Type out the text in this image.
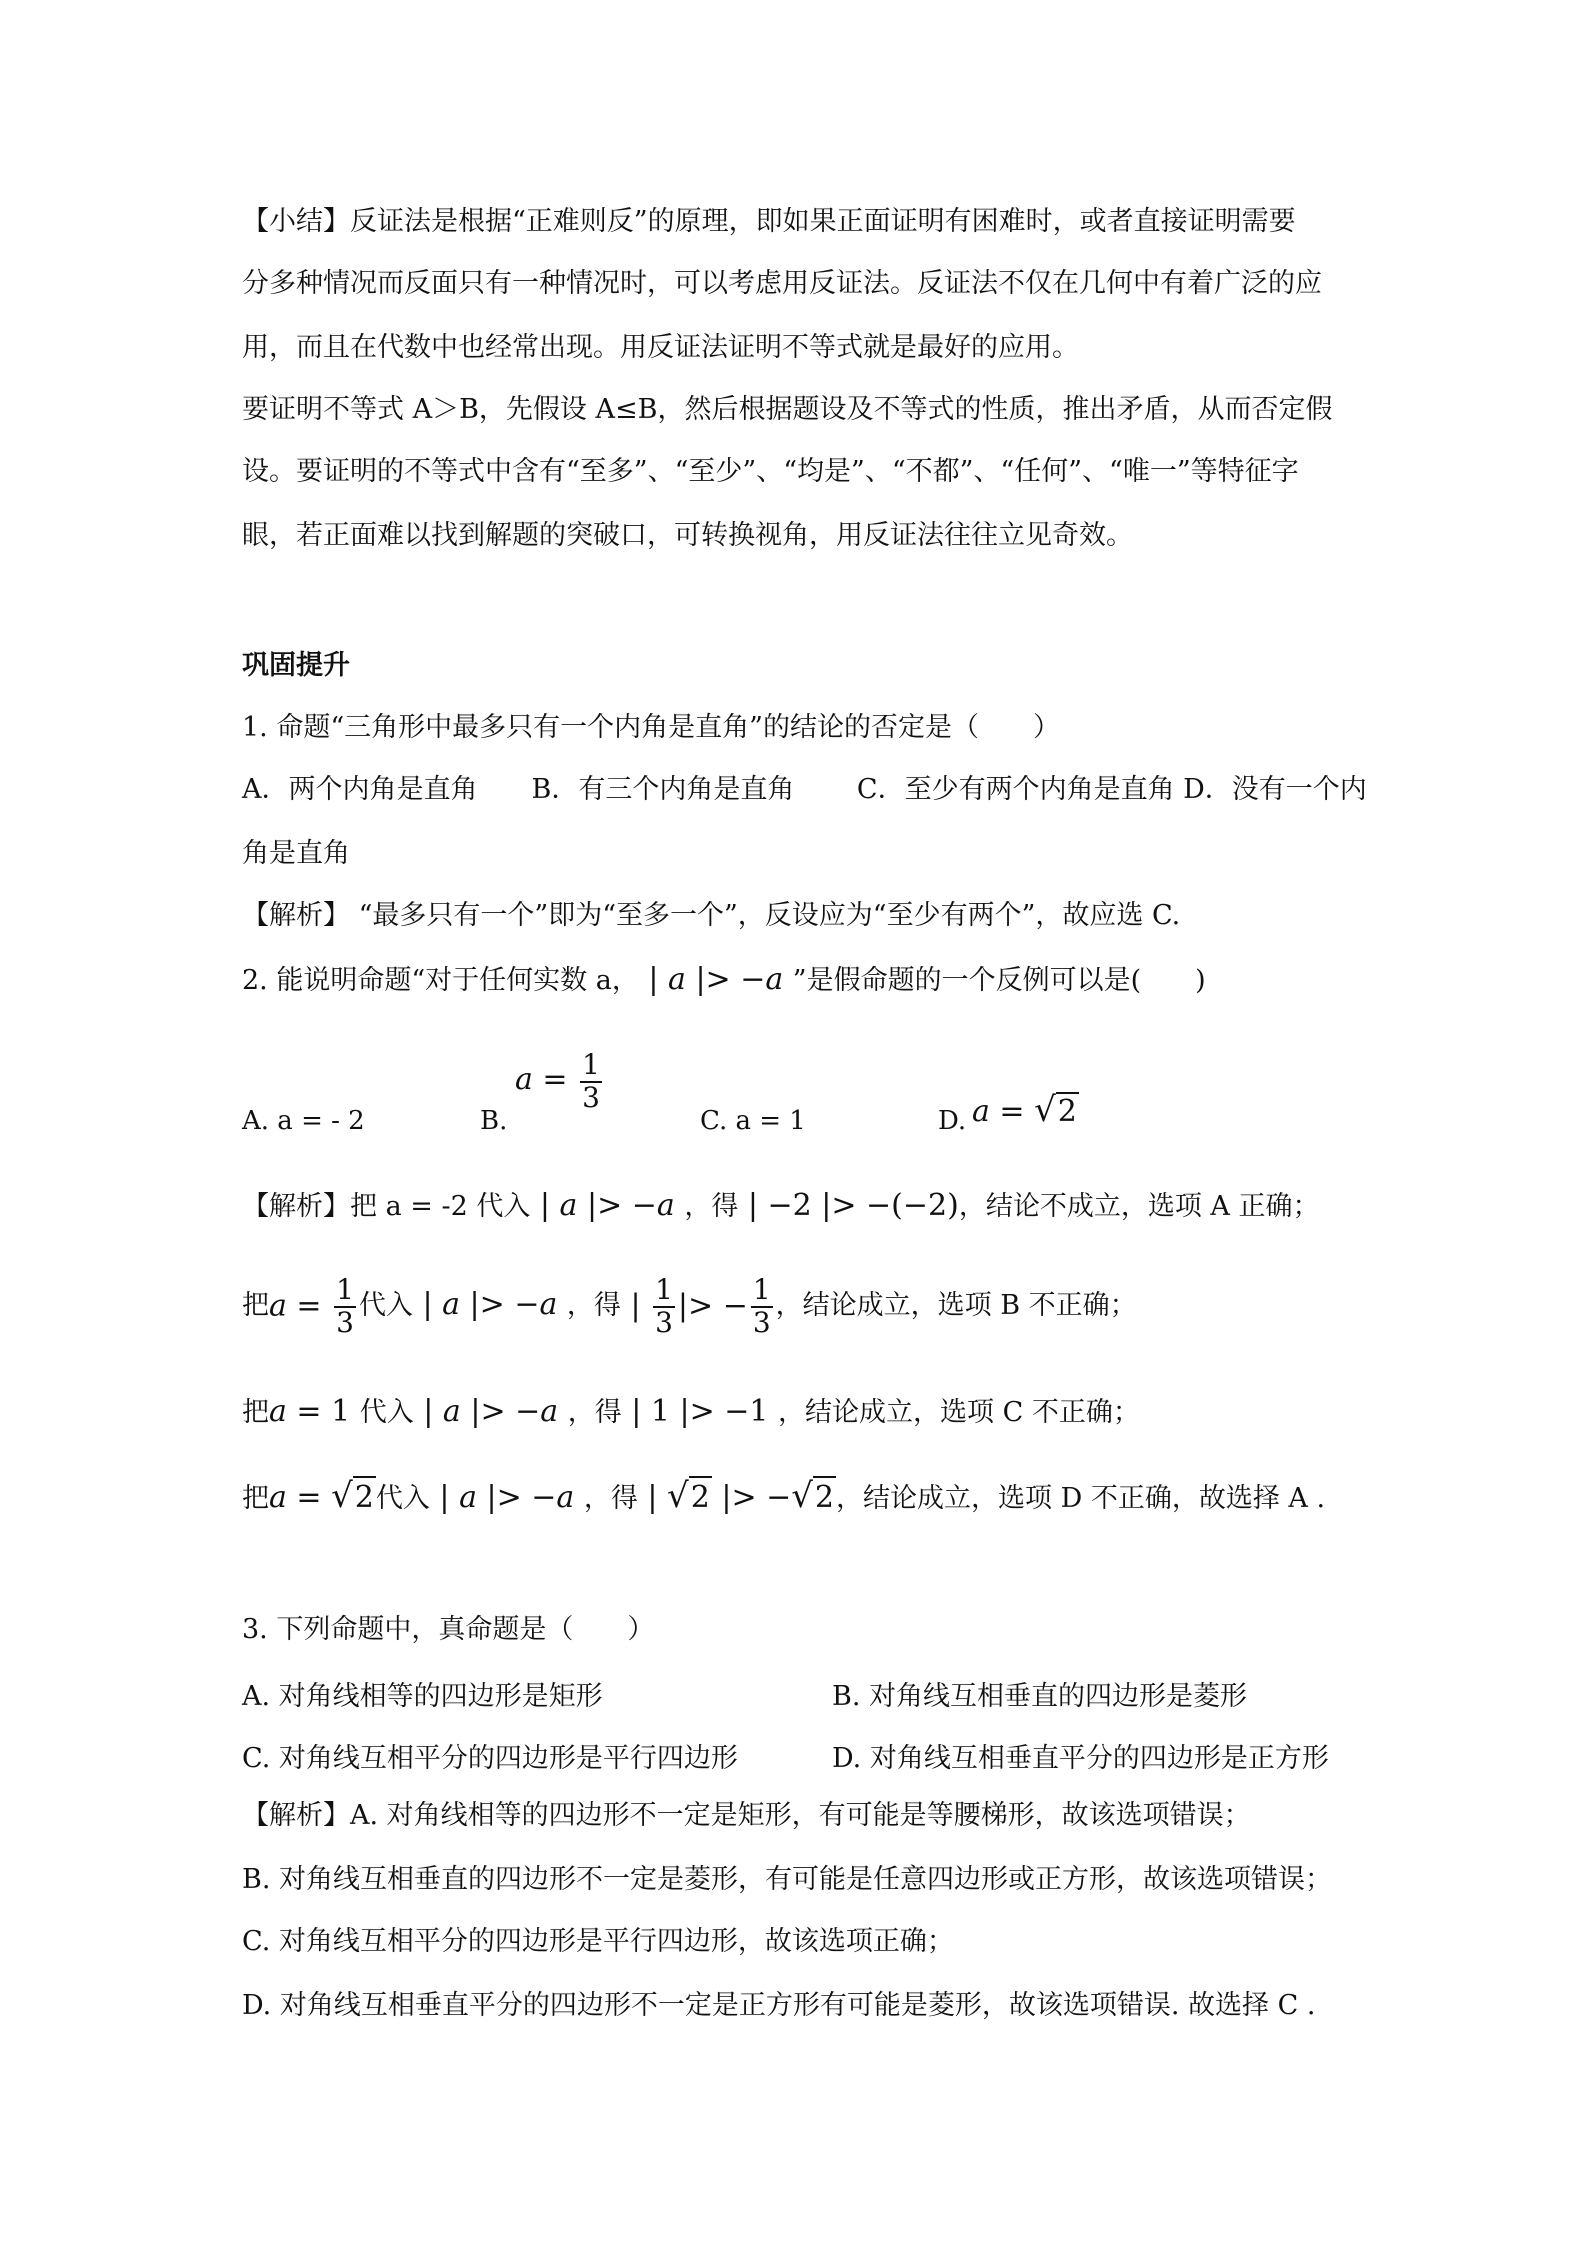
【小结】反证法是根据“正难则反”的原理，即如果正面证明有困难时，或者直接证明需要
分多种情况而反面只有一种情况时，可以考虑用反证法。反证法不仅在几何中有着广泛的应
用，而且在代数中也经常出现。用反证法证明不等式就是最好的应用。
要证明不等式 A＞B，先假设 A≤B，然后根据题设及不等式的性质，推出矛盾，从而否定假
设。要证明的不等式中含有“至多”、“至少”、“均是”、“不都”、“任何”、“唯一”等特征字
眼，若正面难以找到解题的突破口，可转换视角，用反证法往往立见奇效。
巩固提升
1. 命题“三角形中最多只有一个内角是直角”的结论的否定是（　　）
A．两个内角是直角　　B．有三个内角是直角　　 C．至少有两个内角是直角 D．没有一个内
角是直角
【解析】 “最多只有一个”即为“至多一个”，反设应为“至少有两个”，故应选 C.
2. 能说明命题“对于任何实数 a， | a |> −a ”是假命题的一个反例可以是(　　)
A. a = - 2	B.
$a = \frac{1}{3}$
C. a = 1	D. a = √2
【解析】把 a = -2 代入 | a |> −a ，得 | −2 |> −(−2)，结论不成立，选项 A 正确；
把$a = \frac{1}{3}$ 代入 | a |> −a ，得 | $\frac{1}{3}$ |> − $\frac{1}{3}$ ，结论成立，选项 B 不正确；
把a = 1 代入 | a |> −a ，得 | 1 |> −1 ，结论成立，选项 C 不正确；
把a = √2代入 | a |> −a ，得 | √2 |> −√2，结论成立，选项 D 不正确，故选择 A .
3. 下列命题中，真命题是（　　）
A. 对角线相等的四边形是矩形	B. 对角线互相垂直的四边形是菱形
C. 对角线互相平分的四边形是平行四边形	D. 对角线互相垂直平分的四边形是正方形
【解析】A. 对角线相等的四边形不一定是矩形，有可能是等腰梯形，故该选项错误；
B. 对角线互相垂直的四边形不一定是菱形，有可能是任意四边形或正方形，故该选项错误；
C. 对角线互相平分的四边形是平行四边形，故该选项正确；
D. 对角线互相垂直平分的四边形不一定是正方形有可能是菱形，故该选项错误. 故选择 C .
